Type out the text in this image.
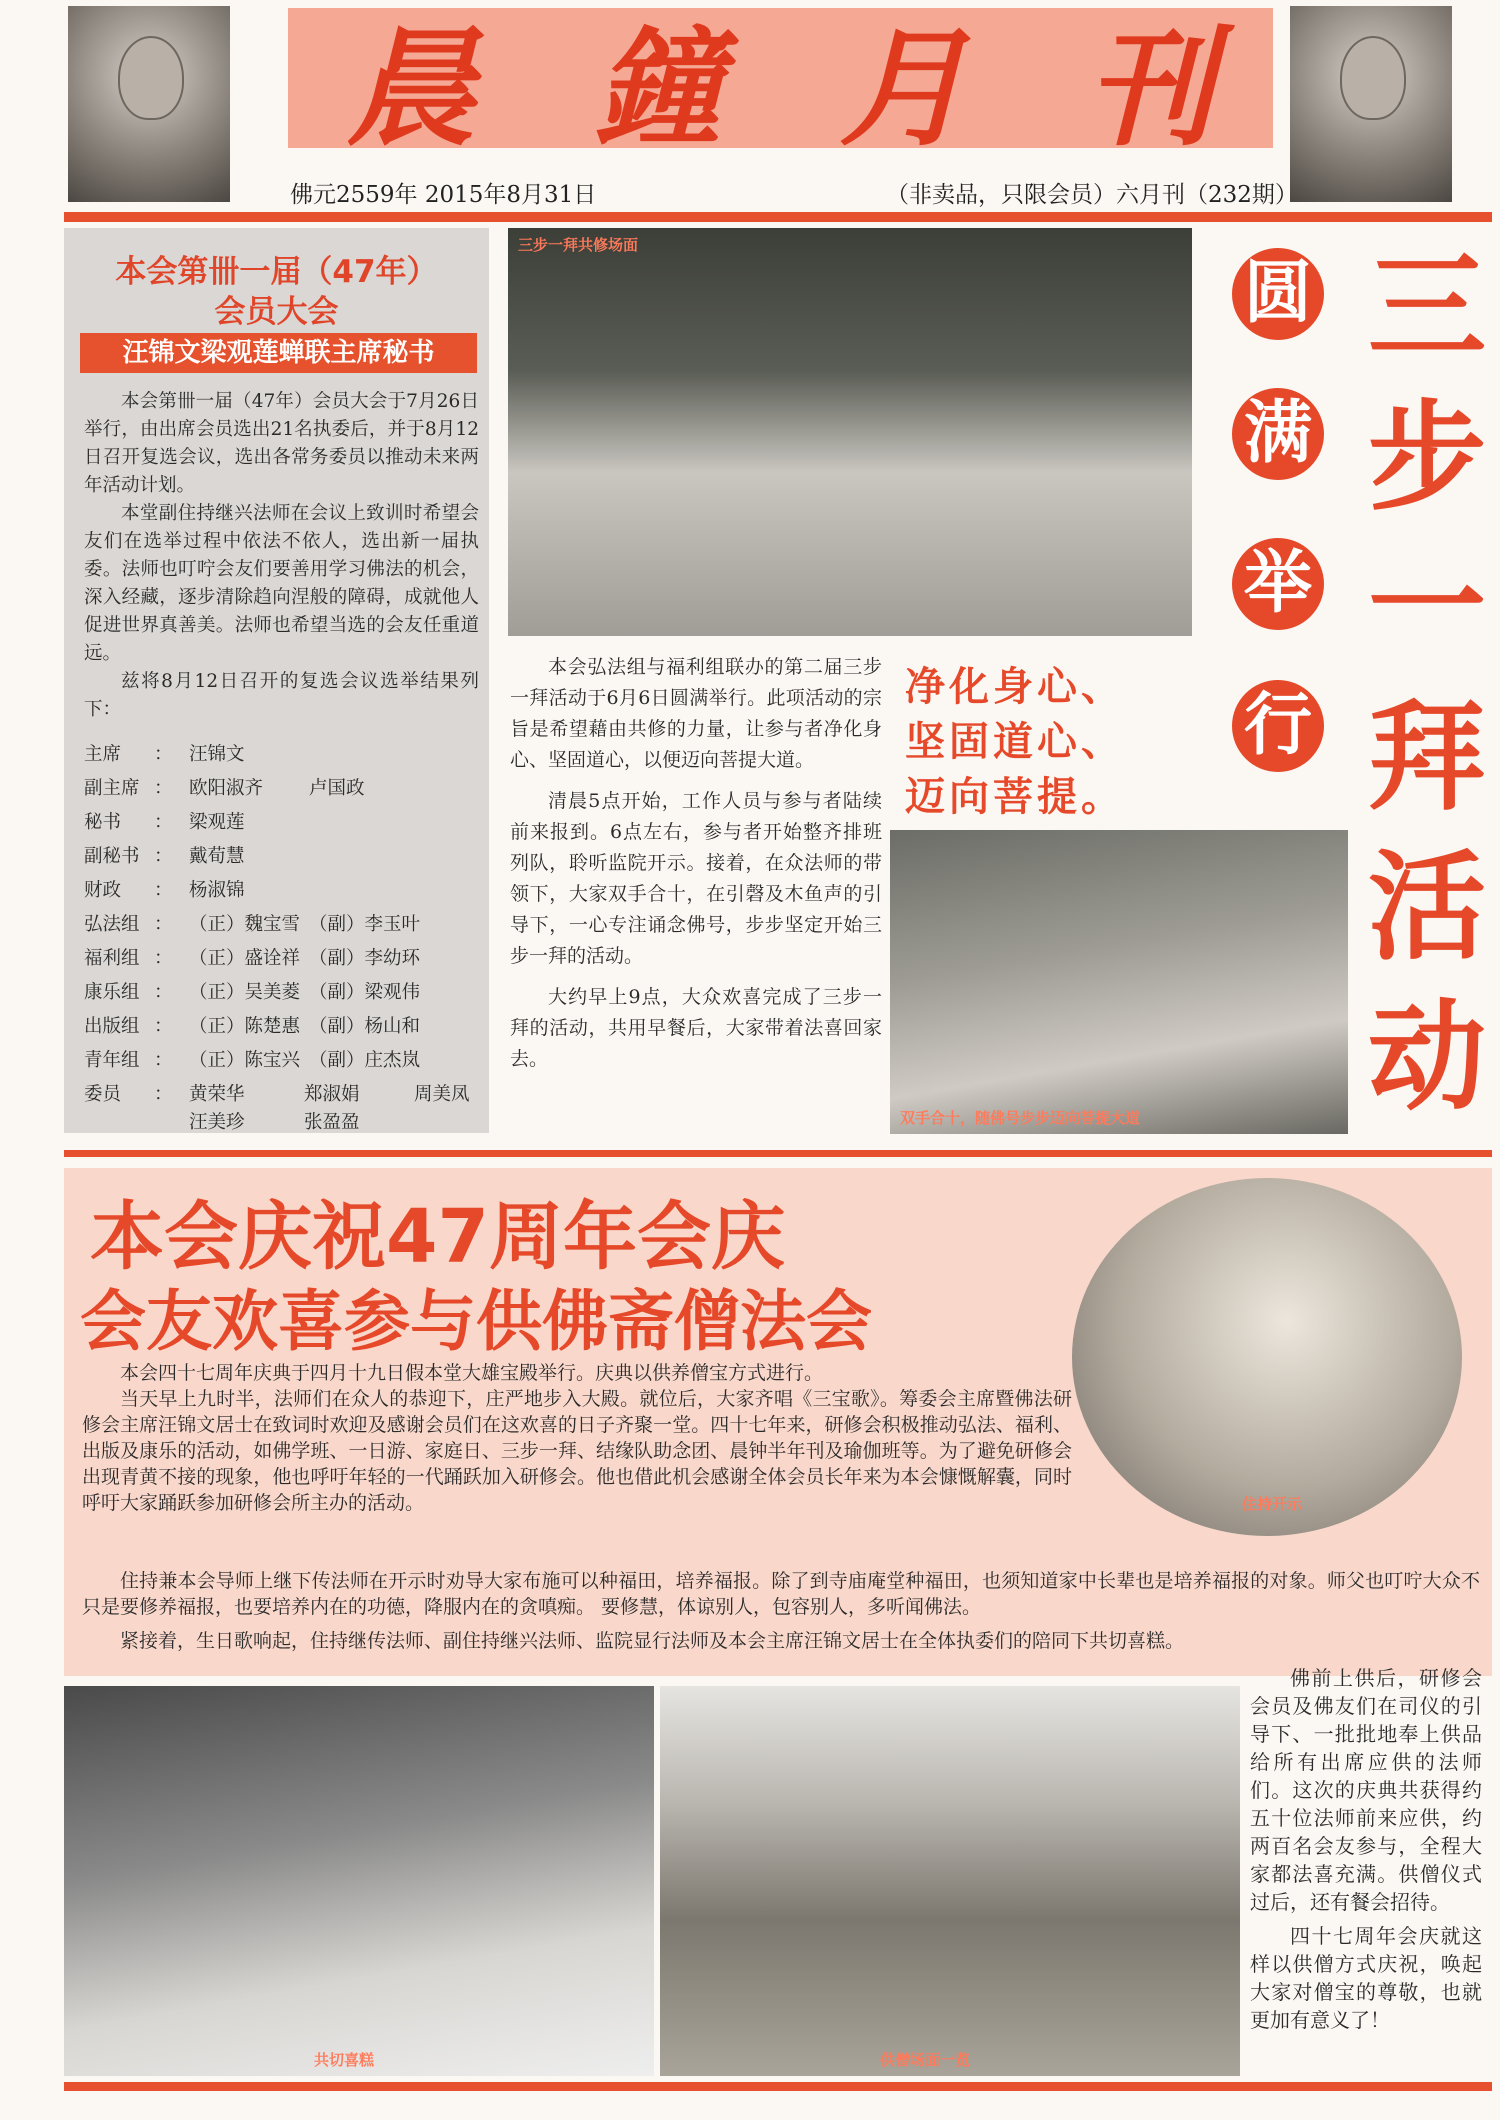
晨 鐘 月 刊
佛元2559年 2015年8月31日	（非卖品，只限会员）六月刊（232期）
本会第卌一届（47年）
会员大会
汪锦文梁观莲蝉联主席秘书

本会第卌一届（47年）会员大会于7月26日举行，由出席会员选出21名执委后，并于8月12日召开复选会议，选出各常务委员以推动未来两年活动计划。

本堂副住持继兴法师在会议上致训时希望会友们在选举过程中依法不依人，选出新一届执委。法师也叮咛会友们要善用学习佛法的机会，深入经藏，逐步清除趋向涅般的障碍，成就他人促进世界真善美。法师也希望当选的会友任重道远。

兹将8月12日召开的复选会议选举结果列下：

主席 ： 汪锦文
副主席 ： 欧阳淑齐 卢国政
秘书 ： 梁观莲
副秘书 ： 戴荀慧
财政 ： 杨淑锦
弘法组 ： （正）魏宝雪 （副）李玉叶
福利组 ： （正）盛诠祥 （副）李幼环
康乐组 ： （正）吴美菱 （副）梁观伟
出版组 ： （正）陈楚惠 （副）杨山和
青年组 ： （正）陈宝兴 （副）庄杰岚
委员 ： 黄荣华	郑淑娟	周美凤
汪美珍	张盈盈
三步一拜共修场面	三步一拜活动
圆
满
举
行
净化身心、
坚固道心、
迈向菩提。

本会弘法组与福利组联办的第二届三步一拜活动于6月6日圆满举行。此项活动的宗旨是希望藉由共修的力量，让参与者净化身心、坚固道心，以便迈向菩提大道。

清晨5点开始，工作人员与参与者陆续前来报到。6点左右，参与者开始整齐排班列队，聆听监院开示。接着，在众法师的带领下，大家双手合十，在引磬及木鱼声的引导下，一心专注诵念佛号，步步坚定开始三步一拜的活动。

大约早上9点，大众欢喜完成了三步一拜的活动，共用早餐后，大家带着法喜回家去。

双手合十，随佛号步步迈向菩提大道
本会庆祝47周年会庆
会友欢喜参与供佛斋僧法会
住持开示

本会四十七周年庆典于四月十九日假本堂大雄宝殿举行。庆典以供养僧宝方式进行。

当天早上九时半，法师们在众人的恭迎下，庄严地步入大殿。就位后，大家齐唱《三宝歌》。筹委会主席暨佛法研修会主席汪锦文居士在致词时欢迎及感谢会员们在这欢喜的日子齐聚一堂。四十七年来，研修会积极推动弘法、福利、出版及康乐的活动，如佛学班、一日游、家庭日、三步一拜、结缘队助念团、晨钟半年刊及瑜伽班等。为了避免研修会出现青黄不接的现象，他也呼吁年轻的一代踊跃加入研修会。他也借此机会感谢全体会员长年来为本会慷慨解囊，同时呼吁大家踊跃参加研修会所主办的活动。

住持兼本会导师上继下传法师在开示时劝导大家布施可以种福田，培养福报。除了到寺庙庵堂种福田，也须知道家中长辈也是培养福报的对象。师父也叮咛大众不只是要修养福报，也要培养内在的功德，降服内在的贪嗔痴。 要修慧，体谅别人，包容别人，多听闻佛法。

紧接着，生日歌响起，住持继传法师、副住持继兴法师、监院显行法师及本会主席汪锦文居士在全体执委们的陪同下共切喜糕。

共切喜糕	供僧场面一览

佛前上供后，研修会会员及佛友们在司仪的引导下、一批批地奉上供品给所有出席应供的法师们。这次的庆典共获得约五十位法师前来应供，约两百名会友参与，全程大家都法喜充满。供僧仪式过后，还有餐会招待。

四十七周年会庆就这样以供僧方式庆祝，唤起大家对僧宝的尊敬，也就更加有意义了！
